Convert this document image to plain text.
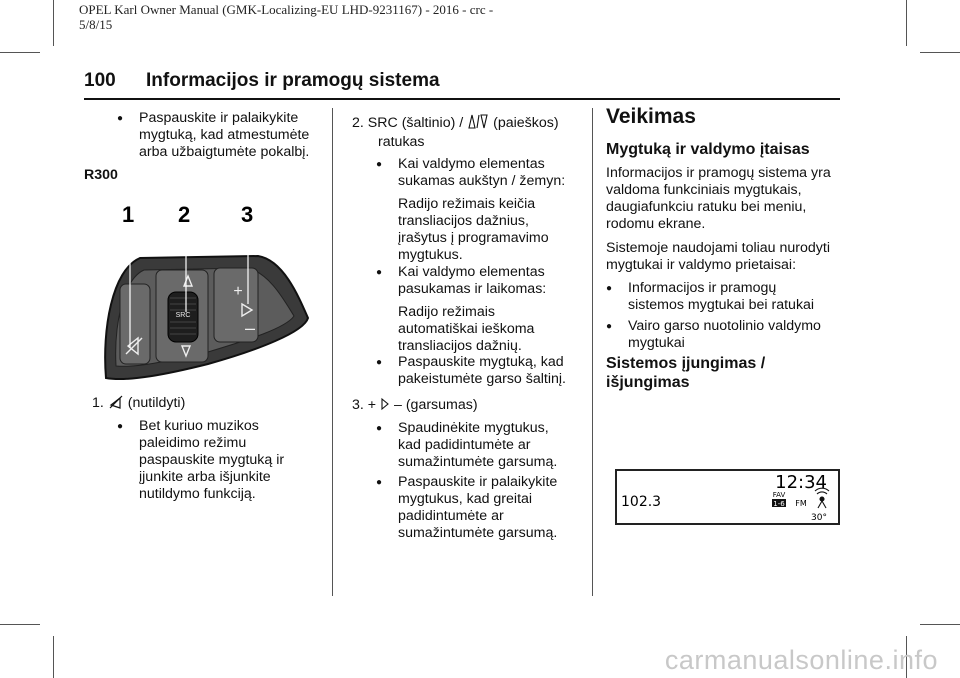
OPEL Karl Owner Manual (GMK-Localizing-EU LHD-9231167) - 2016 - crc -
5/8/15
100 Informacijos ir pramogų sistema
● Paspauskite ir palaikykite

mygtuką, kad atmestumėte

arba užbaigtumėte pokalbį.

R300

1 2 3
SRC
+
–

1. (nutildyti)

● Bet kuriuo muzikos

paleidimo režimu

paspauskite mygtuką ir

įjunkite arba išjunkite

nutildymo funkciją.

2. SRC (šaltinio) / (paieškos)

ratukas

● Kai valdymo elementas

sukamas aukštyn / žemyn:

Radijo režimais keičia

transliacijos dažnius,

įrašytus į programavimo

mygtukus.

● Kai valdymo elementas

pasukamas ir laikomas:

Radijo režimais

automatiškai ieškoma

transliacijos dažnių.

● Paspauskite mygtuką, kad

pakeistumėte garso šaltinį.

3. + – (garsumas)

● Spaudinėkite mygtukus,

kad padidintumėte ar

sumažintumėte garsumą.

● Paspauskite ir palaikykite

mygtukus, kad greitai

padidintumėte ar

sumažintumėte garsumą.

Veikimas

Mygtuką ir valdymo įtaisas

Informacijos ir pramogų sistema yra

valdoma funkciniais mygtukais,

daugiafunkciu ratuku bei meniu,

rodomu ekrane.

Sistemoje naudojami toliau nurodyti

mygtukai ir valdymo prietaisai:

● Informacijos ir pramogų

sistemos mygtukai bei ratukai

● Vairo garso nuotolinio valdymo

mygtukai

Sistemos įjungimas /

išjungimas

12:34
102.3	FAV
1-6 FM
30°
carmanualsonline.info
